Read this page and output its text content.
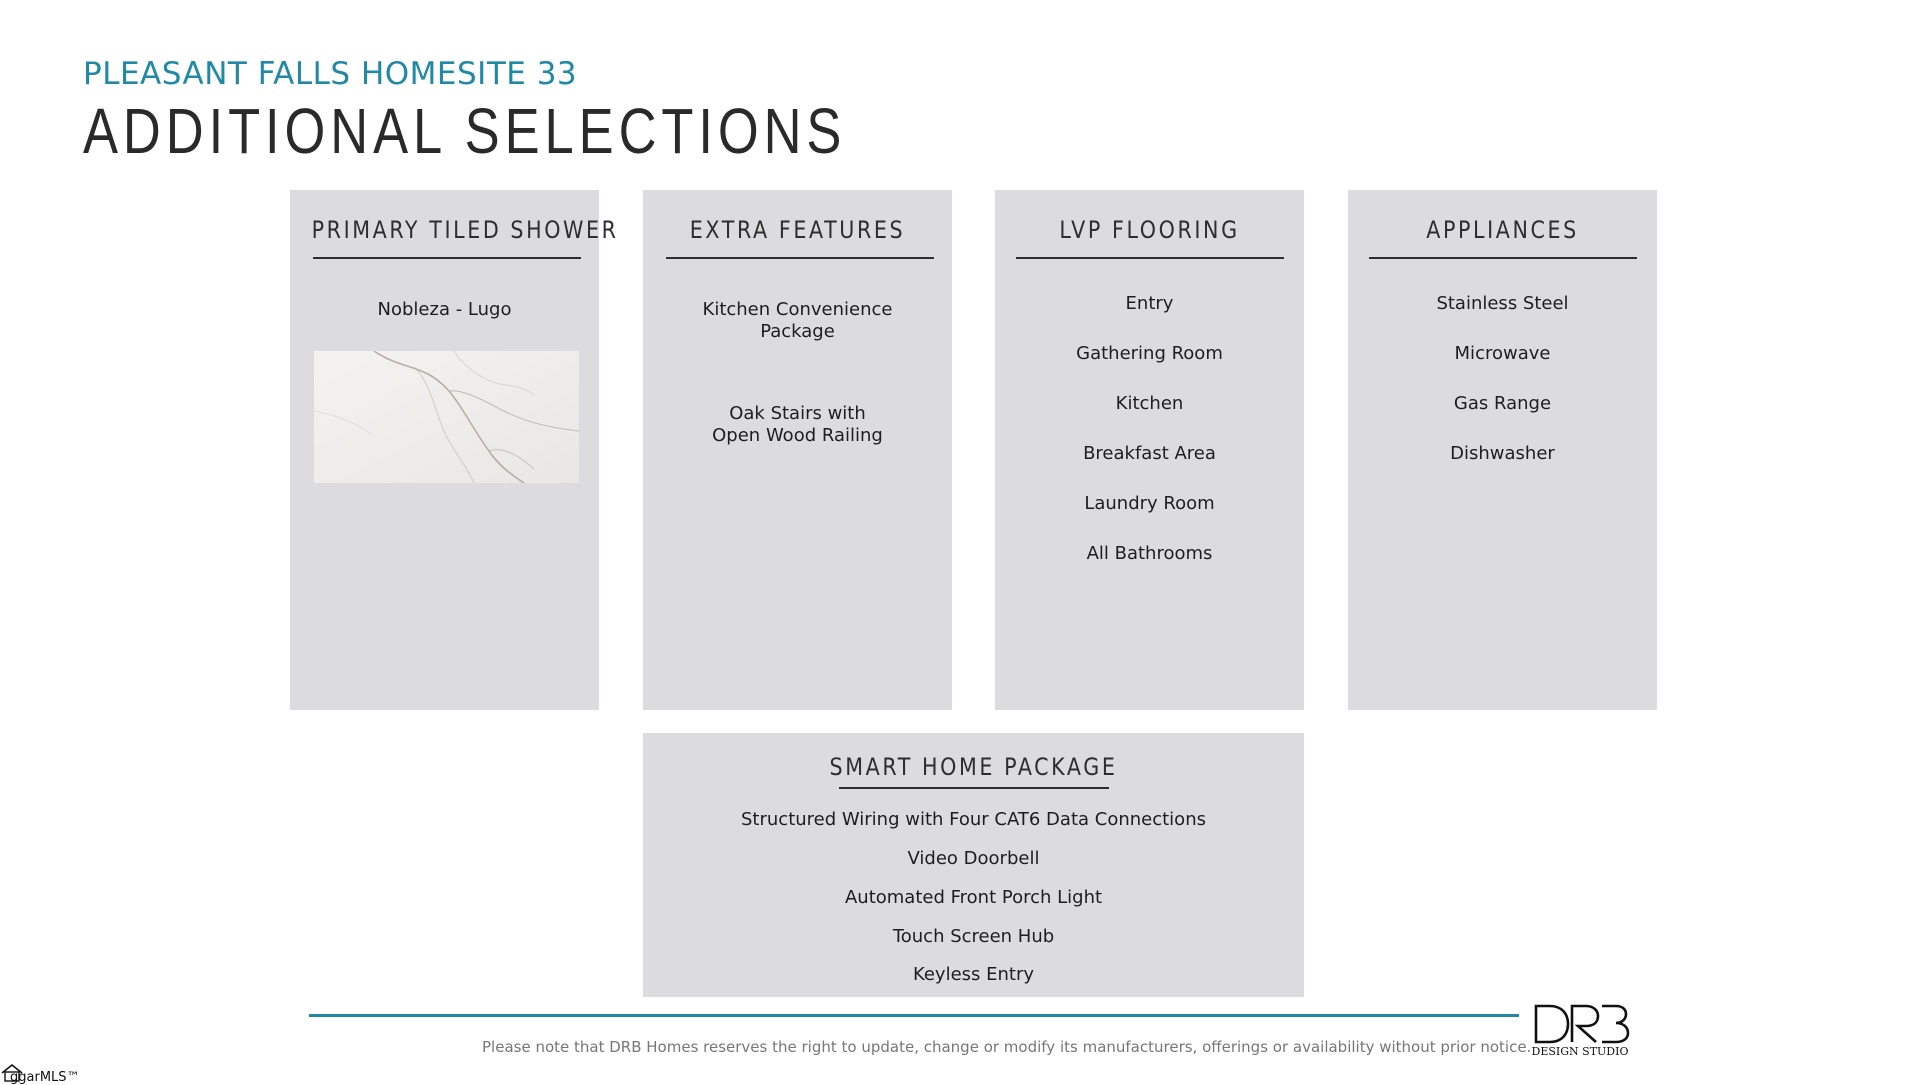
PLEASANT FALLS HOMESITE 33
ADDITIONAL SELECTIONS
PRIMARY TILED SHOWER
Nobleza - Lugo
EXTRA FEATURES
Kitchen Convenience
Package
Oak Stairs with
Open Wood Railing
LVP FLOORING
Entry
Gathering Room
Kitchen
Breakfast Area
Laundry Room
All Bathrooms
APPLIANCES
Stainless Steel
Microwave
Gas Range
Dishwasher
SMART HOME PACKAGE
Structured Wiring with Four CAT6 Data Connections
Video Doorbell
Automated Front Porch Light
Touch Screen Hub
Keyless Entry
Please note that DRB Homes reserves the right to update, change or modify its manufacturers, offerings or availability without prior notice. DESIGN STUDIO
ggarMLS™
